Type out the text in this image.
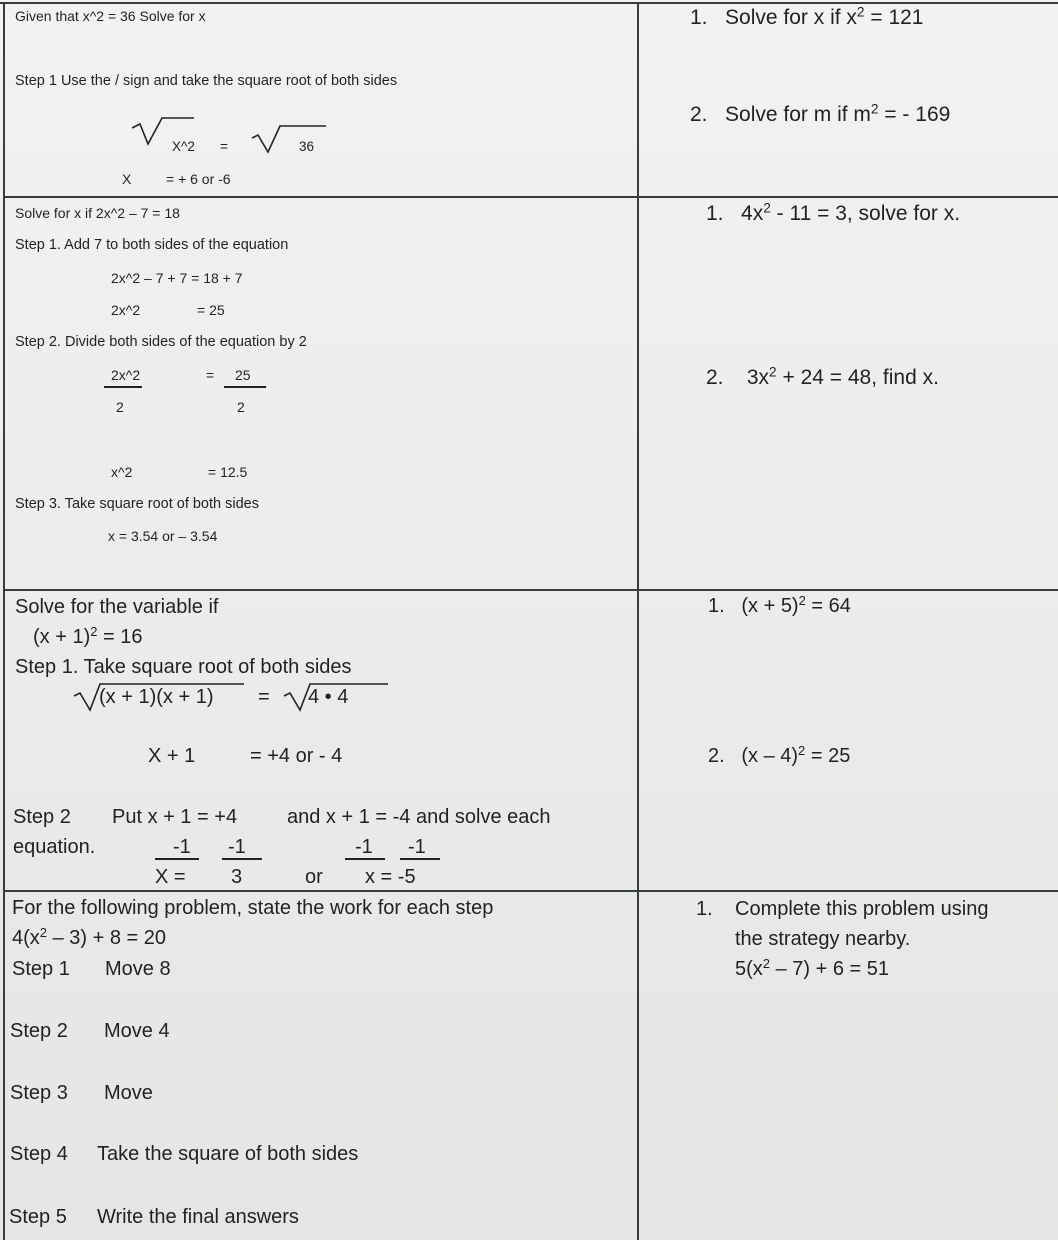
Given that x^2 = 36 Solve for x
Step 1 Use the / sign and take the square root of both sides
X^2 =	36
X = + 6 or -6
1. Solve for x if $x^2 = 121$
2. Solve for m if $m^2$ = - 169
Solve for x if 2x^2 – 7 = 18
Step 1. Add 7 to both sides of the equation
2x^2 – 7 + 7 = 18 + 7
2x^2	= 25
Step 2. Divide both sides of the equation by 2
2x^2
2
= 25
2
x^2	= 12.5
Step 3. Take square root of both sides
x = 3.54 or – 3.54
1. $4x^2 - 11 = 3$, solve for x.
2. $3x^2 + 24 = 48$, find x.
Solve for the variable if
$(x + 1)^2 = 16$
Step 1. Take square root of both sides
(x + 1)(x + 1) = 4 • 4
X + 1	= +4 or - 4
Step 2 Put x + 1 = +4 and x + 1 = -4 and solve each
equation.	-1 -1	-1 -1
X = 3	or x = -5
1. $(x + 5)^2 = 64$
2. (x – 4)$^2$ = 25
For the following problem, state the work for each step
$4(x^2 - 3) + 8 = 20$
Step 1 Move 8
Step 2 Move 4
Step 3 Move
Step 4 Take the square of both sides
Step 5 Write the final answers
1. Complete this problem using
the strategy nearby.
$5(x^2 - 7) + 6 = 51$
